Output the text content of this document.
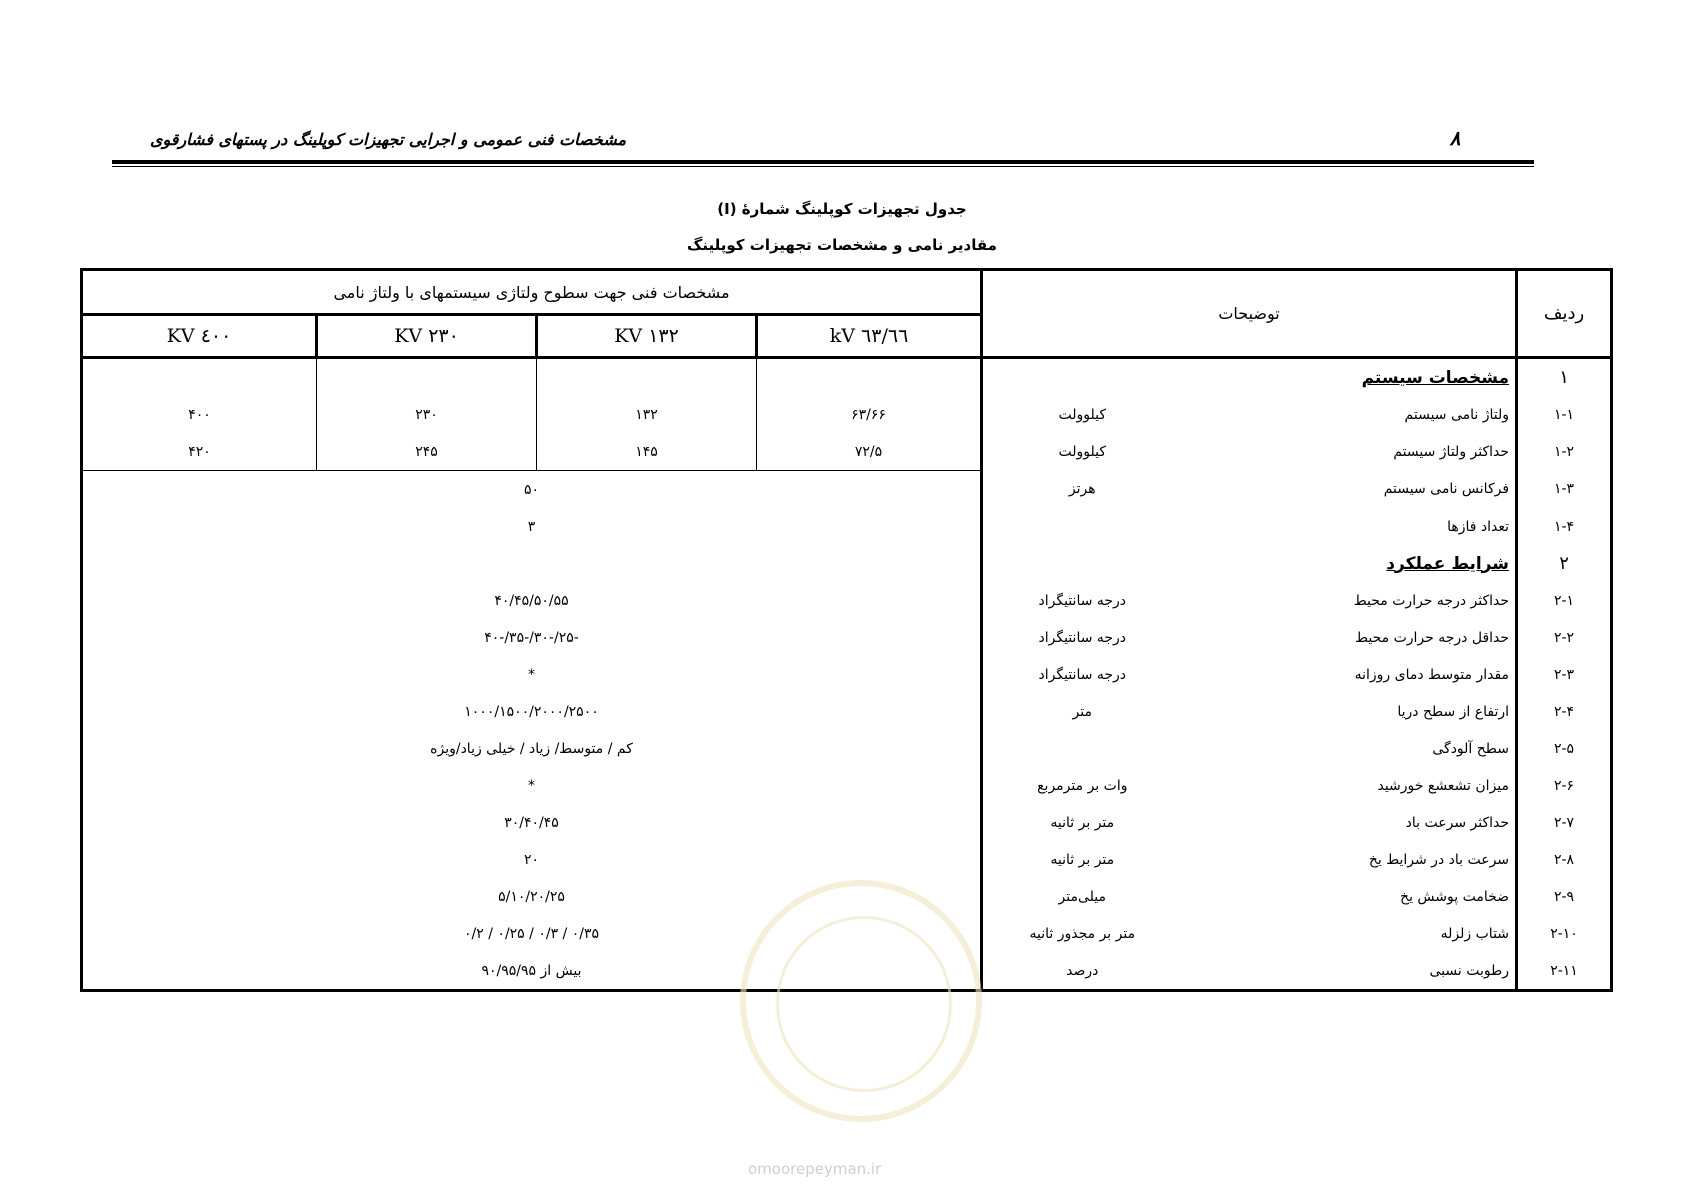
مشخصات فنی عمومی و اجرایی تجهیزات کوپلینگ در پستهای فشارقوی	۸
جدول تجهیزات کوپلینگ شمارهٔ (I)
مقادیر نامی و مشخصات تجهیزات کوپلینگ
ردیف	توضیحات		مشخصات فنی جهت سطوح ولتاژی سیستمهای با ولتاژ نامی			
			٦٣/٦٦ kV	۱۳۲ KV	۲۳۰ KV	٤٠٠ KV
۱	مشخصات سیستم					
۱-۱	ولتاژ نامی سیستم	کیلوولت	۶۳/۶۶	۱۳۲	۲۳۰	۴۰۰
۱-۲	حداکثر ولتاژ سیستم	کیلوولت	۷۲/۵	۱۴۵	۲۴۵	۴۲۰
۱-۳	فرکانس نامی سیستم	هرتز	۵۰			
۱-۴	تعداد فازها		۳			
۲	شرایط عملکرد					
۲-۱	حداکثر درجه حرارت محیط	درجه سانتیگراد	۴۰/۴۵/۵۰/۵۵			
۲-۲	حداقل درجه حرارت محیط	درجه سانتیگراد	-۲۵/-۳۰/-۳۵/-۴۰			
۲-۳	مقدار متوسط دمای روزانه	درجه سانتیگراد	*			
۲-۴	ارتفاع از سطح دریا	متر	۱۰۰۰/۱۵۰۰/۲۰۰۰/۲۵۰۰			
۲-۵	سطح آلودگی		کم / متوسط/ زیاد / خیلی زیاد/ویژه			
۲-۶	میزان تشعشع خورشید	وات بر مترمربع	*			
۲-۷	حداکثر سرعت باد	متر بر ثانیه	۳۰/۴۰/۴۵			
۲-۸	سرعت باد در شرایط یخ	متر بر ثانیه	۲۰			
۲-۹	ضخامت پوشش یخ	میلی‌متر	۵/۱۰/۲۰/۲۵			
۲-۱۰	شتاب زلزله	متر بر مجذور ثانیه	۰/۳۵ / ۰/۳ / ۰/۲۵ / ۰/۲			
۲-۱۱	رطوبت نسبی	درصد	بیش از ۹۰/۹۵/۹۵			
omoorepeyman.ir
